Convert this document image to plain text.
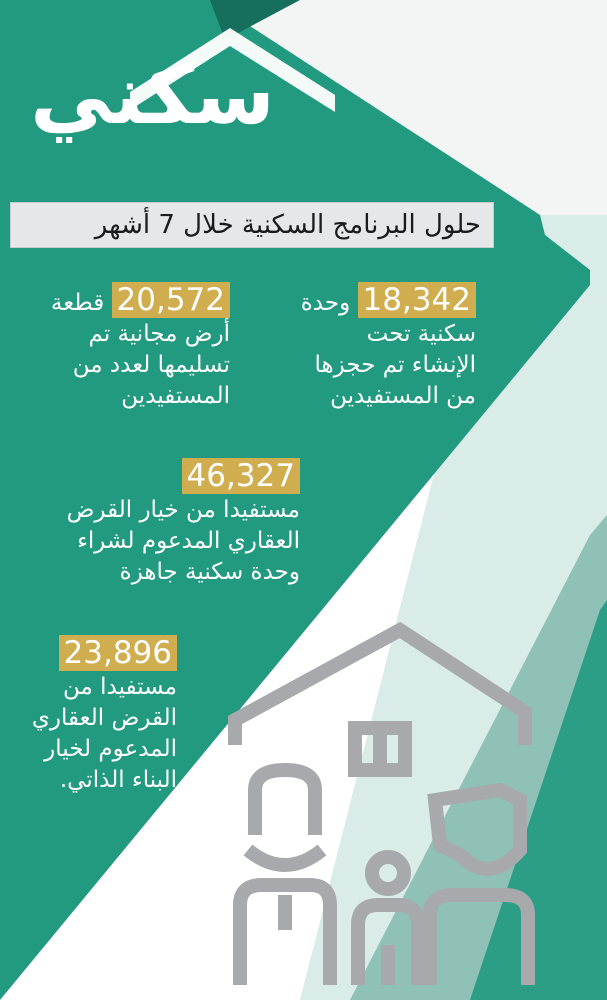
سكني
حلول البرنامج السكنية خلال 7 أشهر
18,342 وحدة
سكنية تحت
الإنشاء تم حجزها
من المستفيدين
20,572 قطعة
أرض مجانية تم
تسليمها لعدد من
المستفيدين
46,327
مستفيدا من خيار القرض
العقاري المدعوم لشراء
وحدة سكنية جاهزة
23,896
مستفيدا من
القرض العقاري
المدعوم لخيار
البناء الذاتي.
